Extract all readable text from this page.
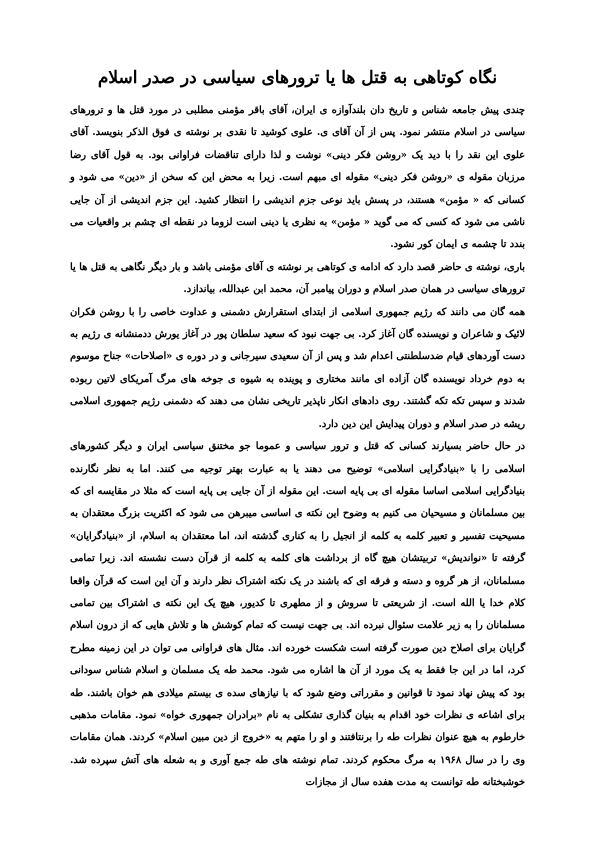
نگاه کوتاهی به قتل ها یا ترورهای سیاسی در صدر اسلام

چندی پیش جامعه شناس و تاریخ دان بلندآوازه ی ایران، آقای باقر مؤمنی مطلبی در مورد قتل ها و ترورهای سیاسی در اسلام منتشر نمود. پس از آن آقای ی. علوی کوشید تا نقدی بر نوشته ی فوق الذکر بنویسد. آقای علوی این نقد را با دید یک «روشن فکر دینی» نوشت و لذا دارای تناقضات فراوانی بود. به قول آقای رضا مرزبان مقوله ی «روشن فکر دینی» مقوله ای مبهم است. زیرا به محض این که سخن از «دین» می شود و کسانی که « مؤمن» هستند، در پسش باید نوعی جزم اندیشی را انتظار کشید. این جزم اندیشی از آن جایی ناشی می شود که کسی که می گوید « مؤمن» به نظری یا دینی است لزوما در نقطه ای چشم بر واقعیات می بندد تا چشمه ی ایمان کور نشود.

باری، نوشته ی حاضر قصد دارد که ادامه ی کوتاهی بر نوشته ی آقای مؤمنی باشد و بار دیگر نگاهی به قتل ها یا ترورهای سیاسی در همان صدر اسلام و دوران پیامبر آن، محمد ابن عبدالله، بیاندازد.

همه گان می دانند که رژیم جمهوری اسلامی از ابتدای استقرارش دشمنی و عداوت خاصی را با روشن فکران لائیک و شاعران و نویسنده گان آغاز کرد. بی جهت نبود که سعید سلطان پور در آغاز یورش ددمنشانه ی رژیم به دست آوردهای قیام ضدسلطنتی اعدام شد و پس از آن سعیدی سیرجانی و در دوره ی «اصلاحات» جناح موسوم به دوم خرداد نویسنده گان آزاده ای مانند مختاری و پوینده به شیوه ی جوخه های مرگ آمریکای لاتین ربوده شدند و سپس تکه تکه گشتند. روی دادهای انکار ناپذیر تاریخی نشان می دهند که دشمنی رژیم جمهوری اسلامی ریشه در صدر اسلام و دوران پیدایش این دین دارد.

در حال حاضر بسیارند کسانی که قتل و ترور سیاسی و عموما جو مختنق سیاسی ایران و دیگر کشورهای اسلامی را با «بنیادگرایی اسلامی» توضیح می دهند یا به عبارت بهتر توجیه می کنند. اما به نظر نگارنده بنیادگرایی اسلامی اساسا مقوله ای بی پایه است. این مقوله از آن جایی بی پایه است که مثلا در مقایسه ای که بین مسلمانان و مسیحیان می کنیم به وضوح این نکته ی اساسی میبرهن می شود که اکثریت بزرگ معتقدان به مسیحیت تفسیر و تعبیر کلمه به کلمه از انجیل را به کناری گذشته اند، اما معتقدان به اسلام، از «بنیادگرایان» گرفته تا «نواندیش» تربیتشان هیچ گاه از برداشت های کلمه به کلمه از قرآن دست نشسته اند. زیرا تمامی مسلمانان، از هر گروه و دسته و فرقه ای که باشند در یک نکته اشتراک نظر دارند و آن این است که قرآن واقعا کلام خدا یا الله است. از شریعتی تا سروش و از مطهری تا کدیور، هیچ یک این نکته ی اشتراک بین تمامی مسلمانان را به زیر علامت سئوال نبرده اند. بی جهت نیست که تمام کوشش ها و تلاش هایی که از درون اسلام گرایان برای اصلاح دین صورت گرفته است شکست خورده اند. مثال های فراوانی می توان در این زمینه مطرح کرد، اما در این جا فقط به یک مورد از آن ها اشاره می شود. محمد طه یک مسلمان و اسلام شناس سودانی بود که پیش نهاد نمود تا قوانین و مقرراتی وضع شود که با نیازهای سده ی بیستم میلادی هم خوان باشند. طه برای اشاعه ی نظرات خود اقدام به بنیان گذاری تشکلی به نام «برادران جمهوری خواه» نمود. مقامات مذهبی خارطوم به هیچ عنوان نظرات طه را برنتافتند و او را متهم به «خروج از دین مبین اسلام» کردند. همان مقامات وی را در سال ۱۹۶۸ به مرگ محکوم کردند. تمام نوشته های طه جمع آوری و به شعله های آتش سپرده شد. خوشبختانه طه توانست به مدت هفده سال از مجازات
